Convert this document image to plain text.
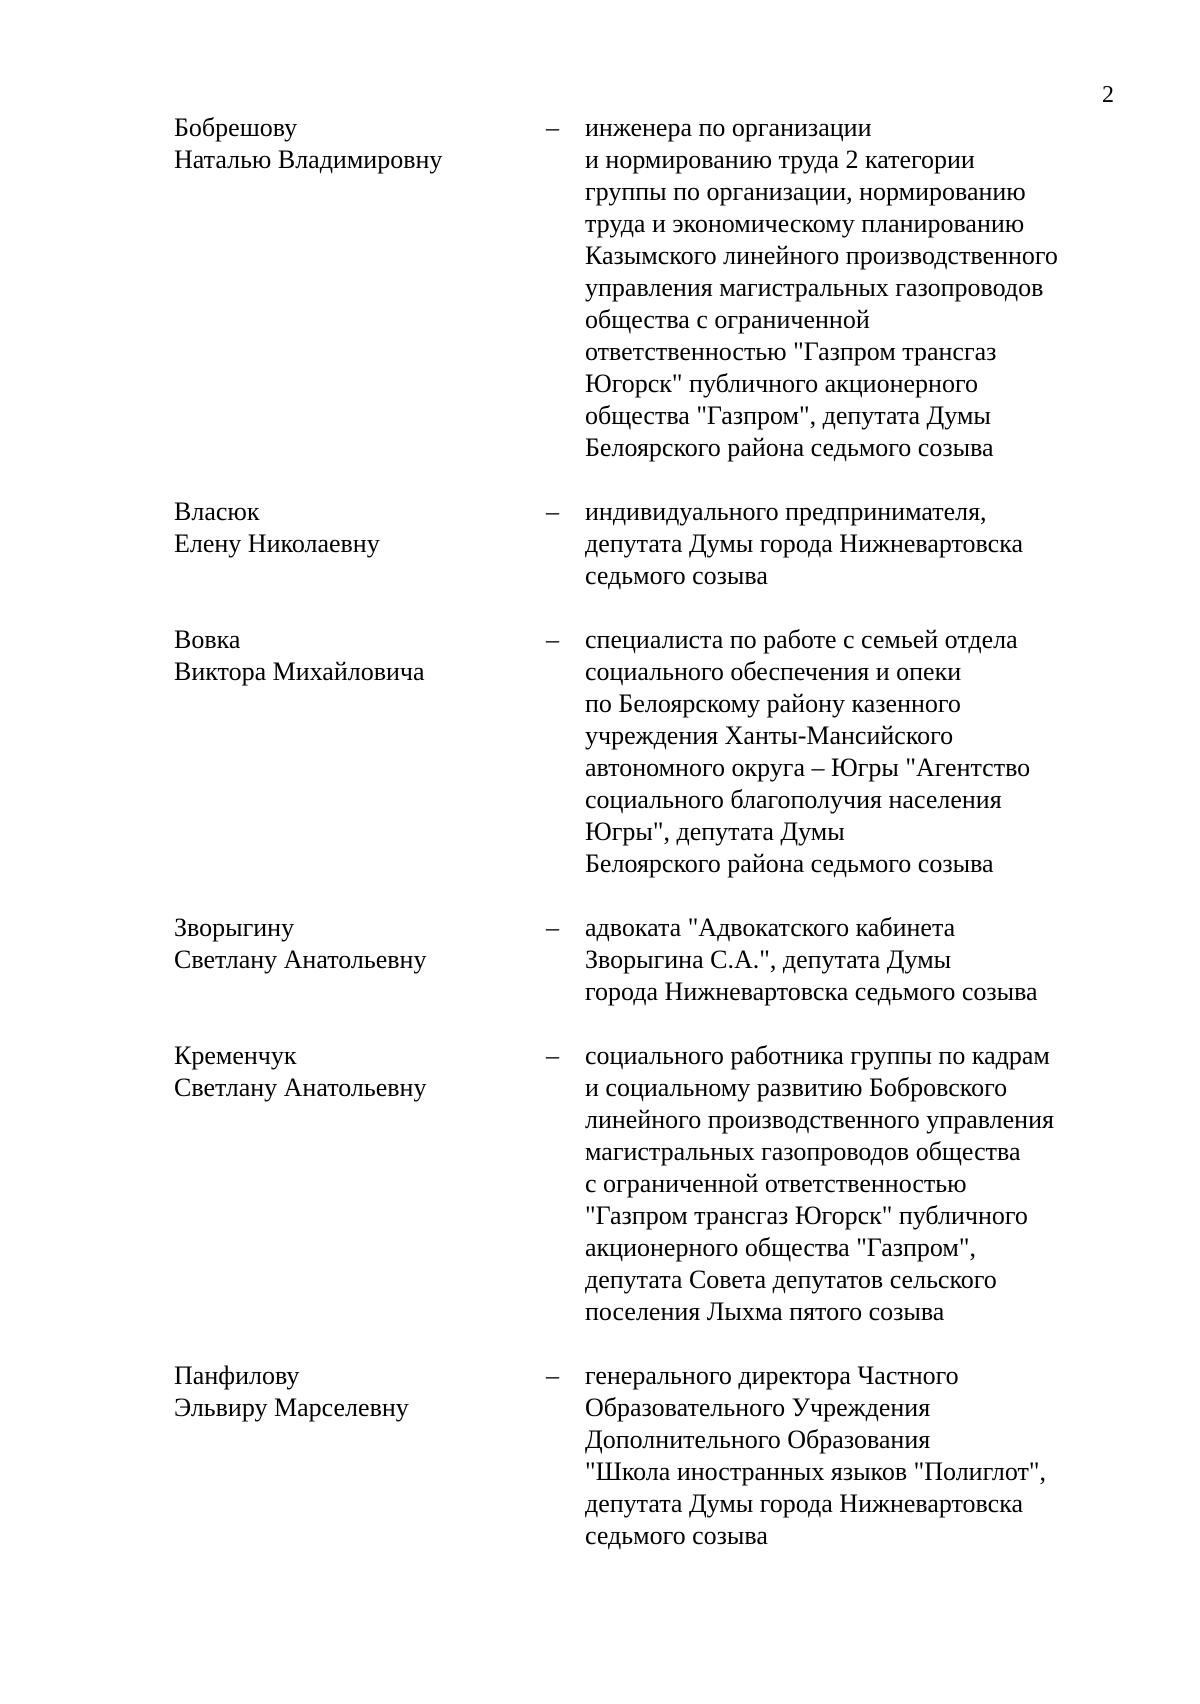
2
Бобрешову
Наталью Владимировну
– инженера по организации
и нормированию труда 2 категории
группы по организации, нормированию
труда и экономическому планированию
Казымского линейного производственного
управления магистральных газопроводов
общества с ограниченной
ответственностью "Газпром трансгаз
Югорск" публичного акционерного
общества "Газпром", депутата Думы
Белоярского района седьмого созыва
Власюк
Елену Николаевну
– индивидуального предпринимателя,
депутата Думы города Нижневартовска
седьмого созыва
Вовка
Виктора Михайловича
– специалиста по работе с семьей отдела
социального обеспечения и опеки
по Белоярскому району казенного
учреждения Ханты-Мансийского
автономного округа – Югры "Агентство
социального благополучия населения
Югры", депутата Думы
Белоярского района седьмого созыва
Зворыгину
Светлану Анатольевну
– адвоката "Адвокатского кабинета
Зворыгина С.А.", депутата Думы
города Нижневартовска седьмого созыва
Кременчук
Светлану Анатольевну
– социального работника группы по кадрам
и социальному развитию Бобровского
линейного производственного управления
магистральных газопроводов общества
с ограниченной ответственностью
"Газпром трансгаз Югорск" публичного
акционерного общества "Газпром",
депутата Совета депутатов сельского
поселения Лыхма пятого созыва
Панфилову
Эльвиру Марселевну
– генерального директора Частного
Образовательного Учреждения
Дополнительного Образования
"Школа иностранных языков "Полиглот",
депутата Думы города Нижневартовска
седьмого созыва
